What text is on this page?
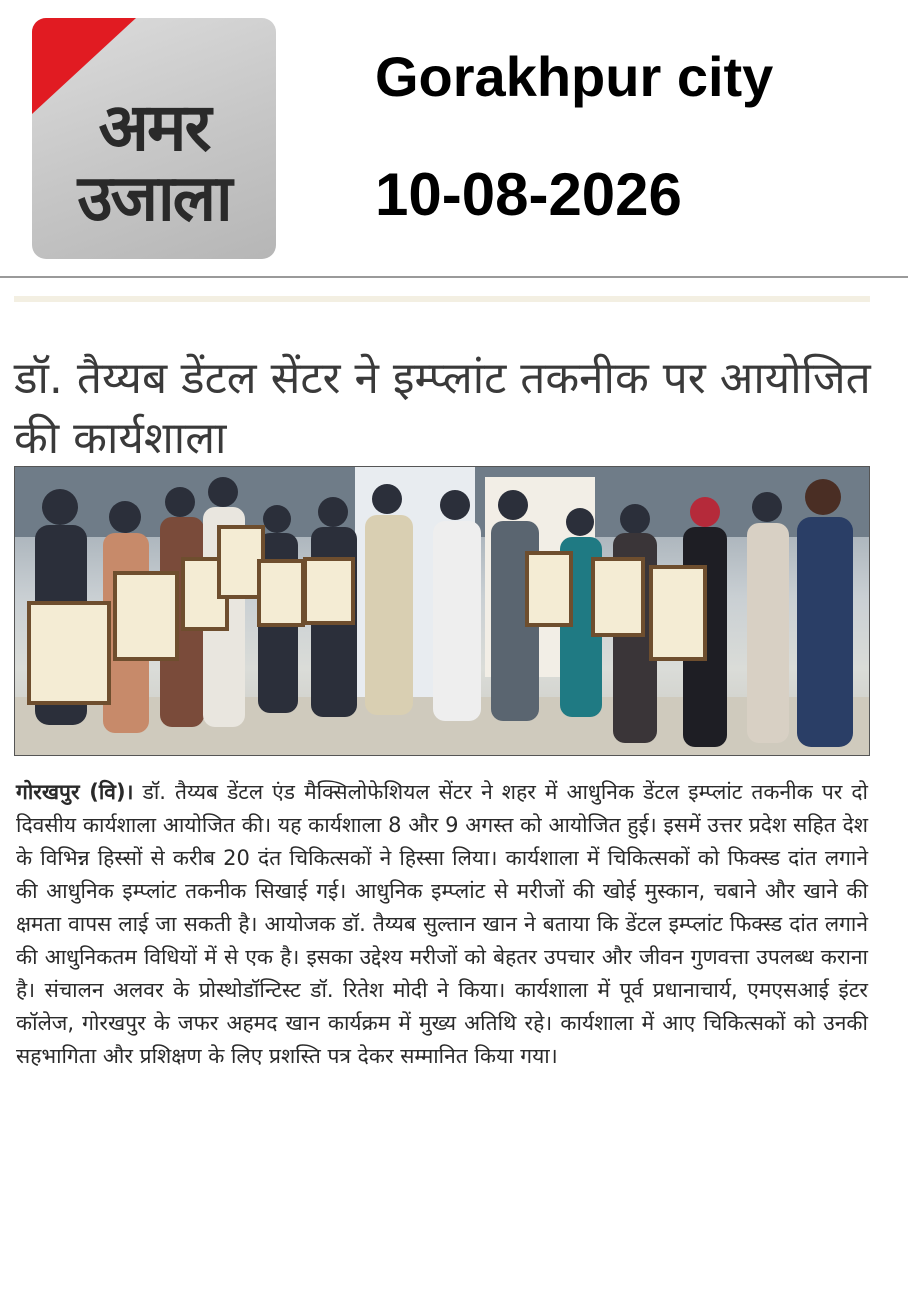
अमर
उजाला
Gorakhpur city
10-08-2026
डॉ. तैय्यब डेंटल सेंटर ने इम्प्लांट तकनीक पर आयोजित की कार्यशाला
गोरखपुर (वि)। डॉ. तैय्यब डेंटल एंड मैक्सिलोफेशियल सेंटर ने शहर में आधुनिक डेंटल इम्प्लांट तकनीक पर दो दिवसीय कार्यशाला आयोजित की। यह कार्यशाला 8 और 9 अगस्त को आयोजित हुई। इसमें उत्तर प्रदेश सहित देश के विभिन्न हिस्सों से करीब 20 दंत चिकित्सकों ने हिस्सा लिया। कार्यशाला में चिकित्सकों को फिक्स्ड दांत लगाने की आधुनिक इम्प्लांट तकनीक सिखाई गई। आधुनिक इम्प्लांट से मरीजों की खोई मुस्कान, चबाने और खाने की क्षमता वापस लाई जा सकती है। आयोजक डॉ. तैय्यब सुल्तान खान ने बताया कि डेंटल इम्प्लांट फिक्स्ड दांत लगाने की आधुनिकतम विधियों में से एक है। इसका उद्देश्य मरीजों को बेहतर उपचार और जीवन गुणवत्ता उपलब्ध कराना है। संचालन अलवर के प्रोस्थोडॉन्टिस्ट डॉ. रितेश मोदी ने किया। कार्यशाला में पूर्व प्रधानाचार्य, एमएसआई इंटर कॉलेज, गोरखपुर के जफर अहमद खान कार्यक्रम में मुख्य अतिथि रहे। कार्यशाला में आए चिकित्सकों को उनकी सहभागिता और प्रशिक्षण के लिए प्रशस्ति पत्र देकर सम्मानित किया गया।
